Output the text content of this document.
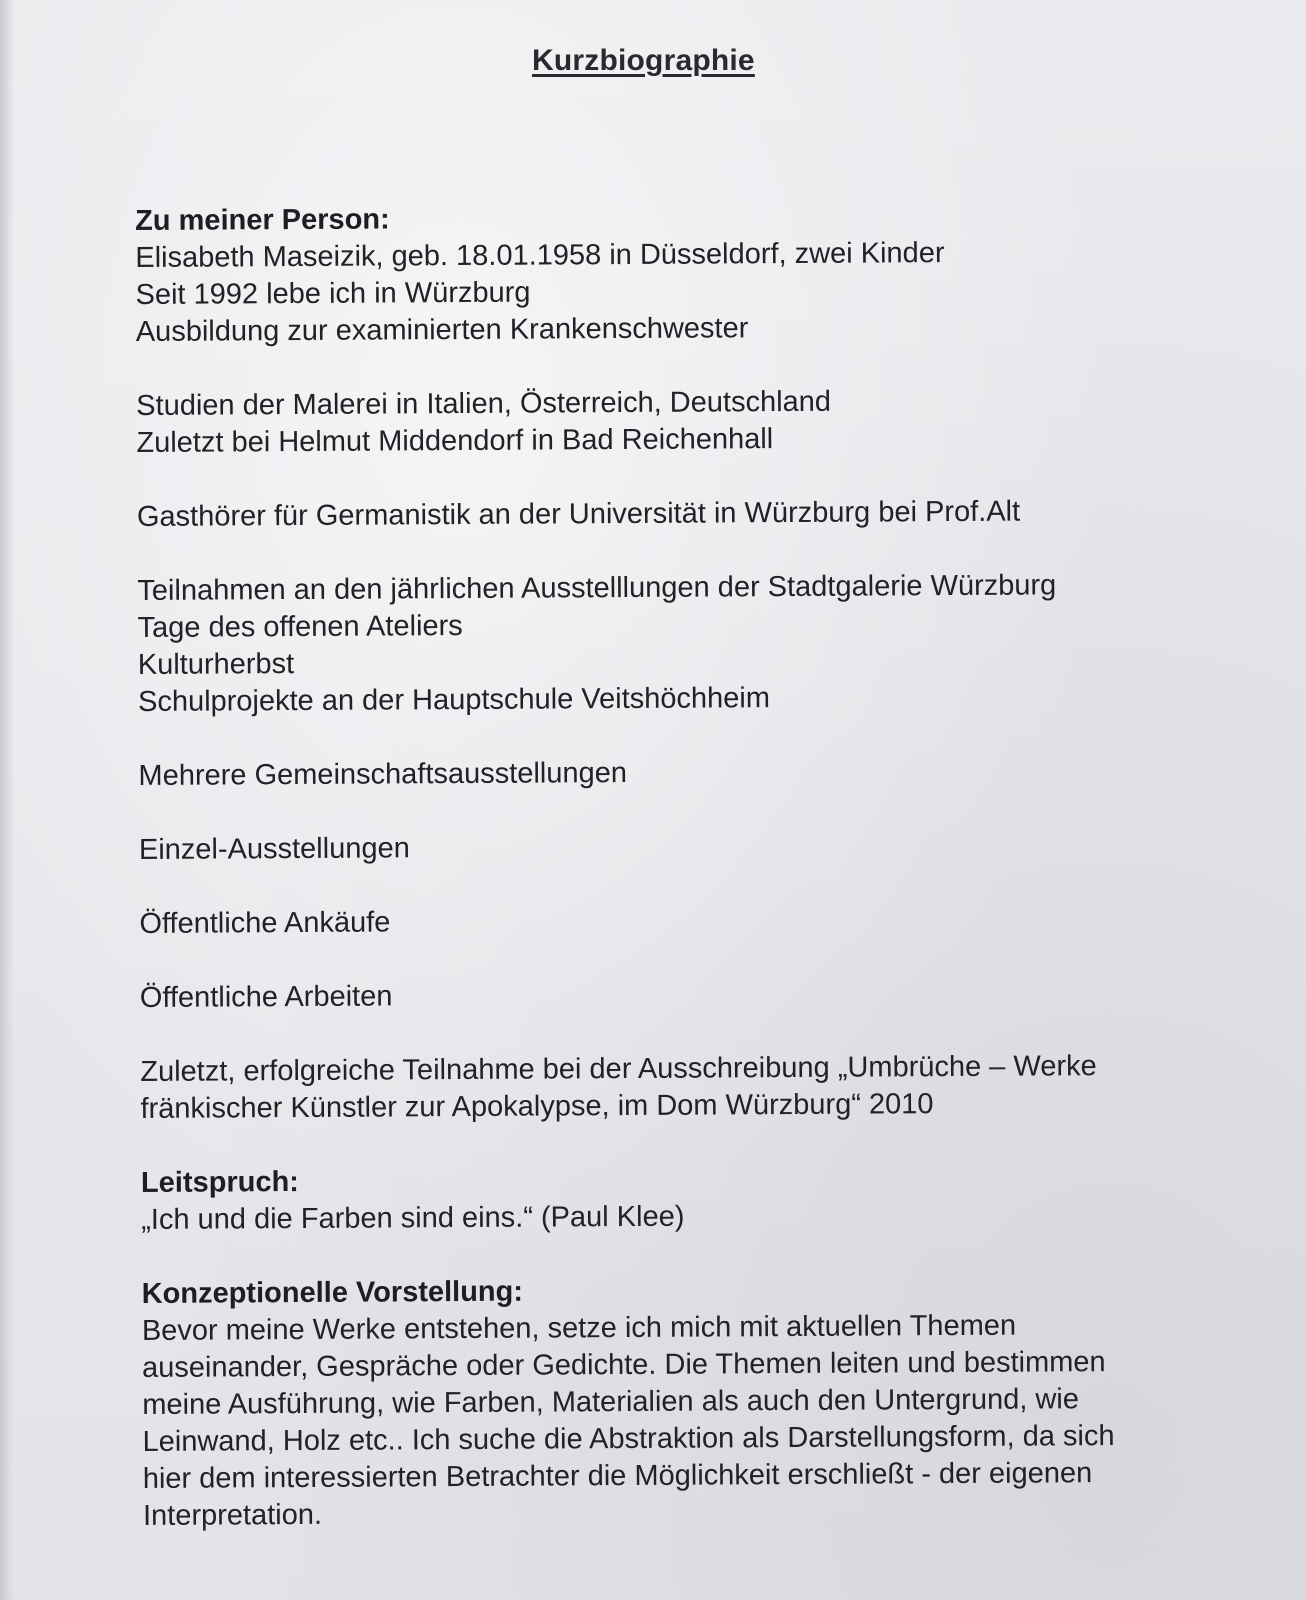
Kurzbiographie
Zu meiner Person:
Elisabeth Maseizik, geb. 18.01.1958 in Düsseldorf, zwei Kinder
Seit 1992 lebe ich in Würzburg
Ausbildung zur examinierten Krankenschwester
Studien der Malerei in Italien, Österreich, Deutschland
Zuletzt bei Helmut Middendorf in Bad Reichenhall
Gasthörer für Germanistik an der Universität in Würzburg bei Prof.Alt
Teilnahmen an den jährlichen Ausstelllungen der Stadtgalerie Würzburg
Tage des offenen Ateliers
Kulturherbst
Schulprojekte an der Hauptschule Veitshöchheim
Mehrere Gemeinschaftsausstellungen
Einzel-Ausstellungen
Öffentliche Ankäufe
Öffentliche Arbeiten
Zuletzt, erfolgreiche Teilnahme bei der Ausschreibung „Umbrüche – Werke
fränkischer Künstler zur Apokalypse, im Dom Würzburg“ 2010
Leitspruch:
„Ich und die Farben sind eins.“ (Paul Klee)
Konzeptionelle Vorstellung:
Bevor meine Werke entstehen, setze ich mich mit aktuellen Themen
auseinander, Gespräche oder Gedichte. Die Themen leiten und bestimmen
meine Ausführung, wie Farben, Materialien als auch den Untergrund, wie
Leinwand, Holz etc.. Ich suche die Abstraktion als Darstellungsform, da sich
hier dem interessierten Betrachter die Möglichkeit erschließt - der eigenen
Interpretation.
